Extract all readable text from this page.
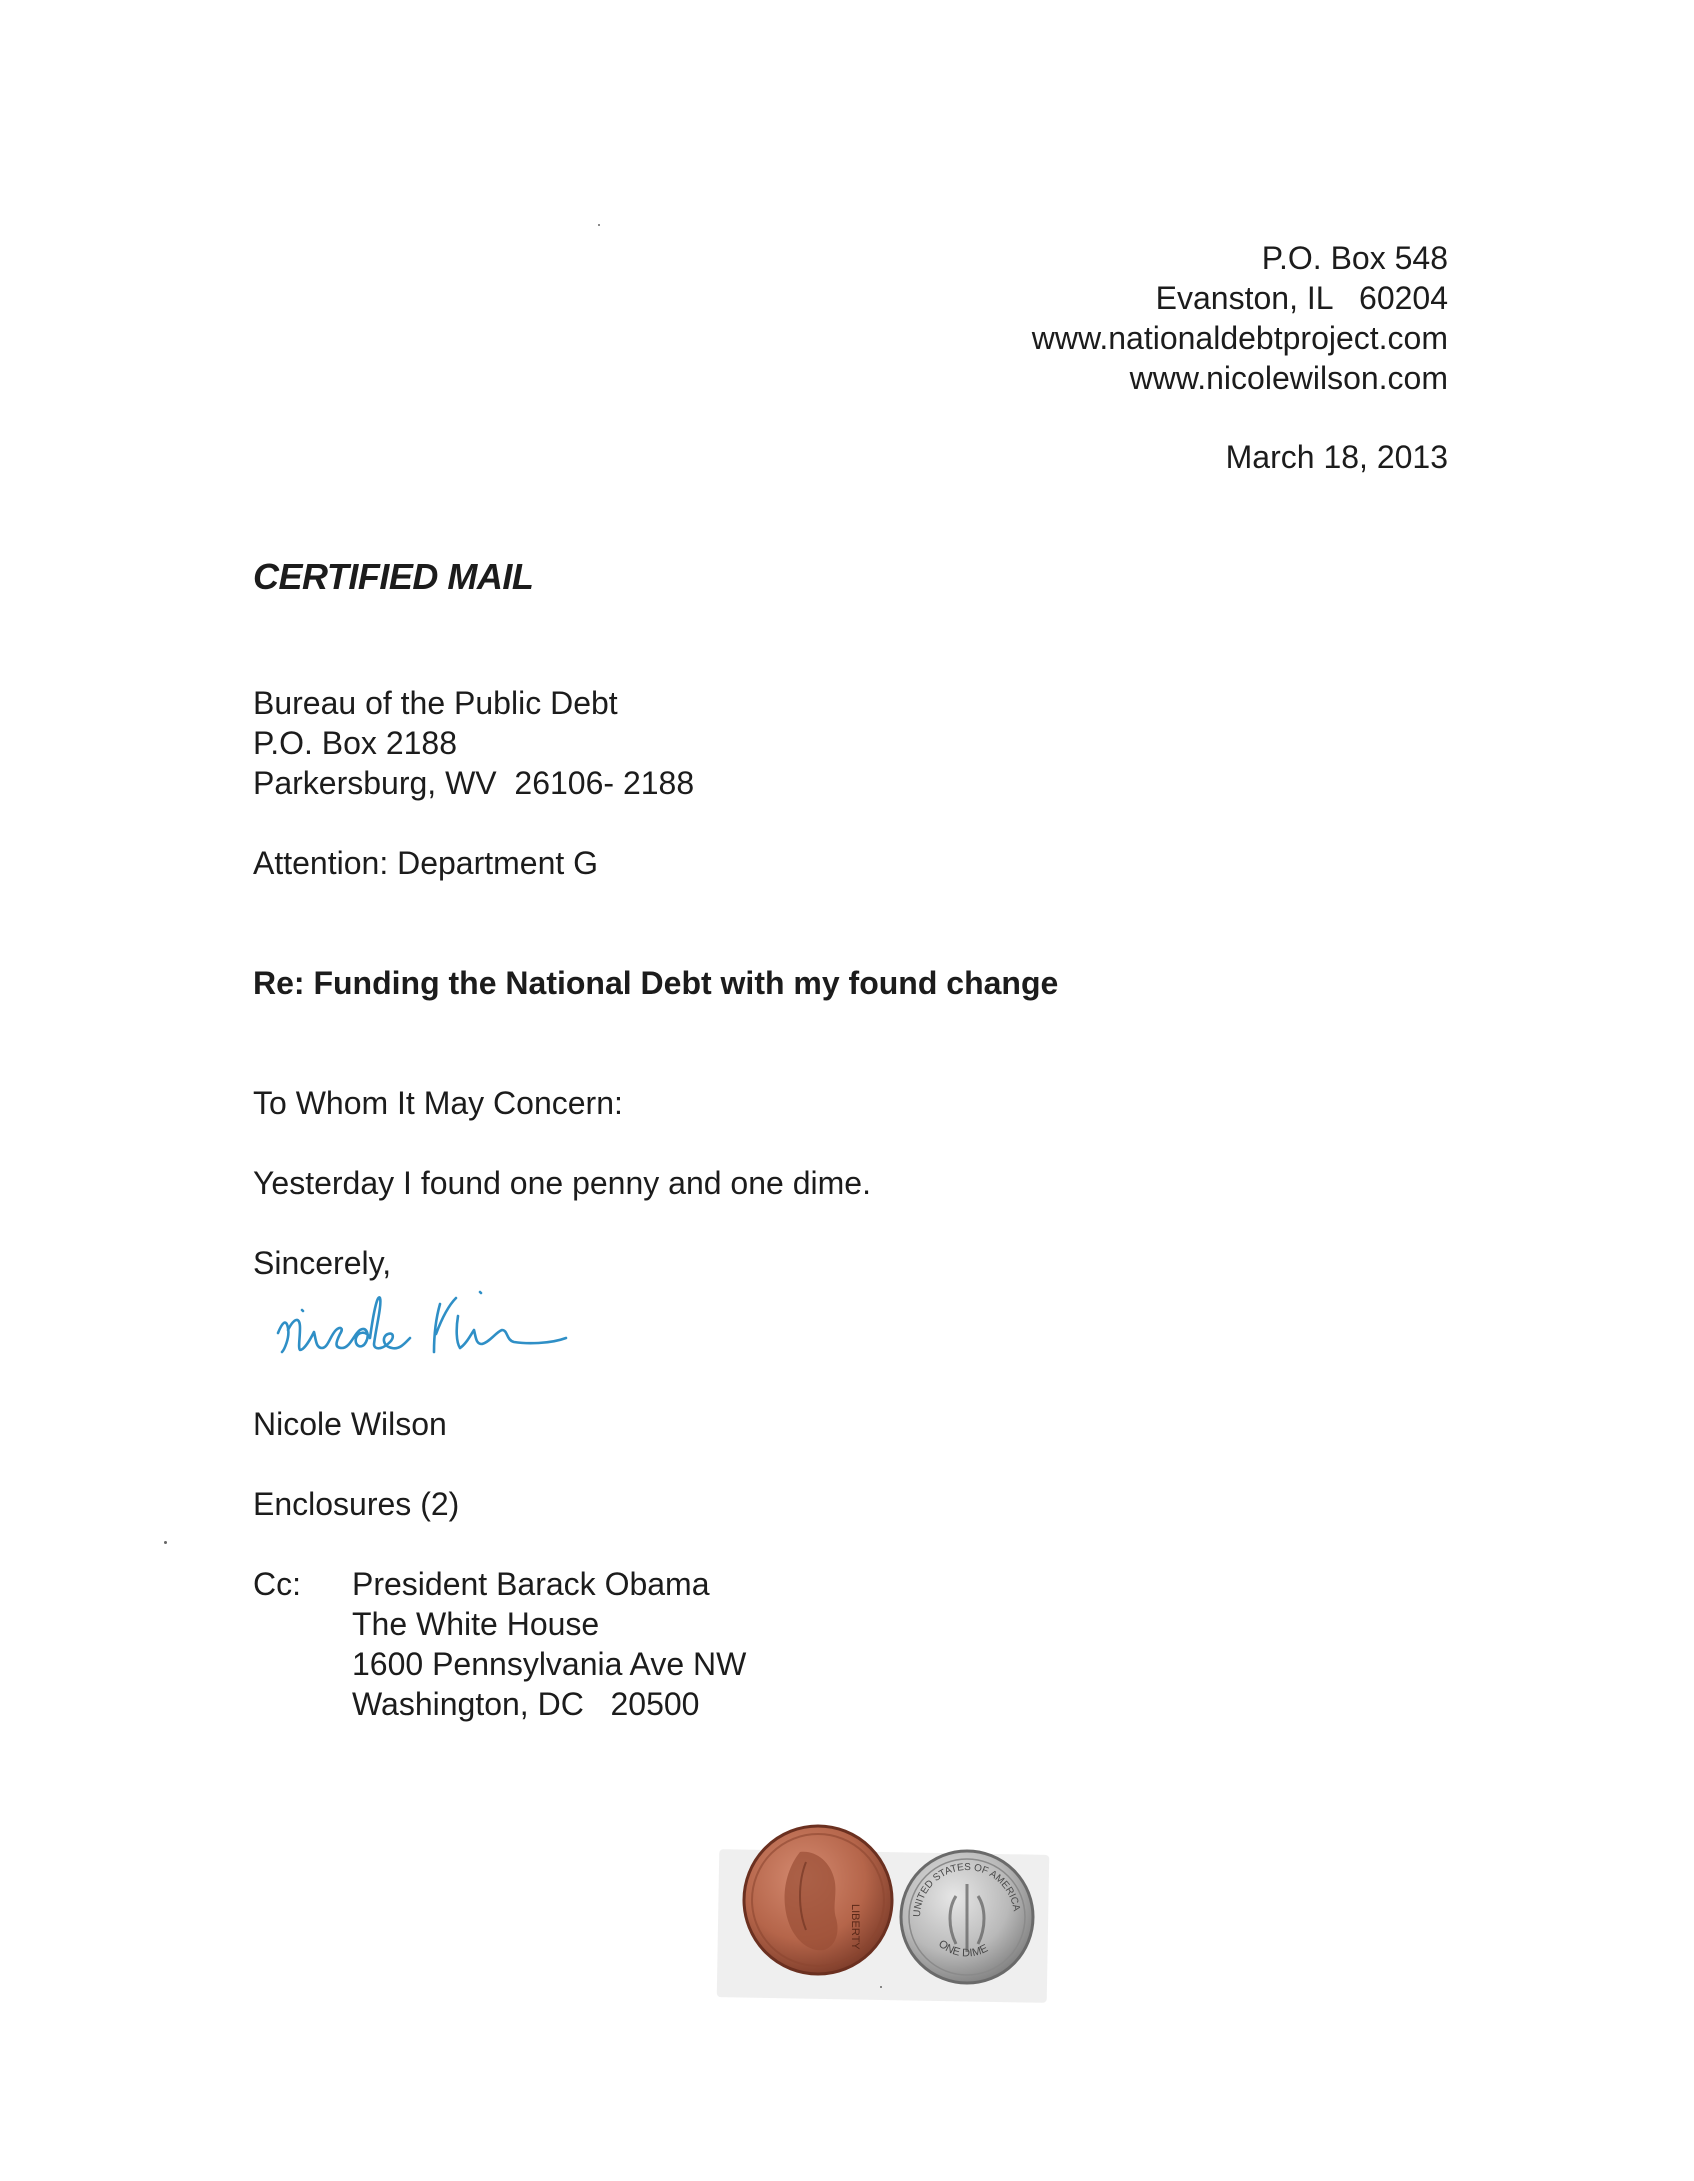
P.O. Box 548
Evanston, IL   60204
www.nationaldebtproject.com
www.nicolewilson.com
March 18, 2013
CERTIFIED MAIL
Bureau of the Public Debt
P.O. Box 2188
Parkersburg, WV  26106- 2188
Attention: Department G
Re: Funding the National Debt with my found change
To Whom It May Concern:
Yesterday I found one penny and one dime.
Sincerely,
Nicole Wilson
Enclosures (2)
Cc: President Barack Obama
The White House
1600 Pennsylvania Ave NW
Washington, DC   20500
LIBERTY	UNITED STATES OF AMERICA
ONE DIME
